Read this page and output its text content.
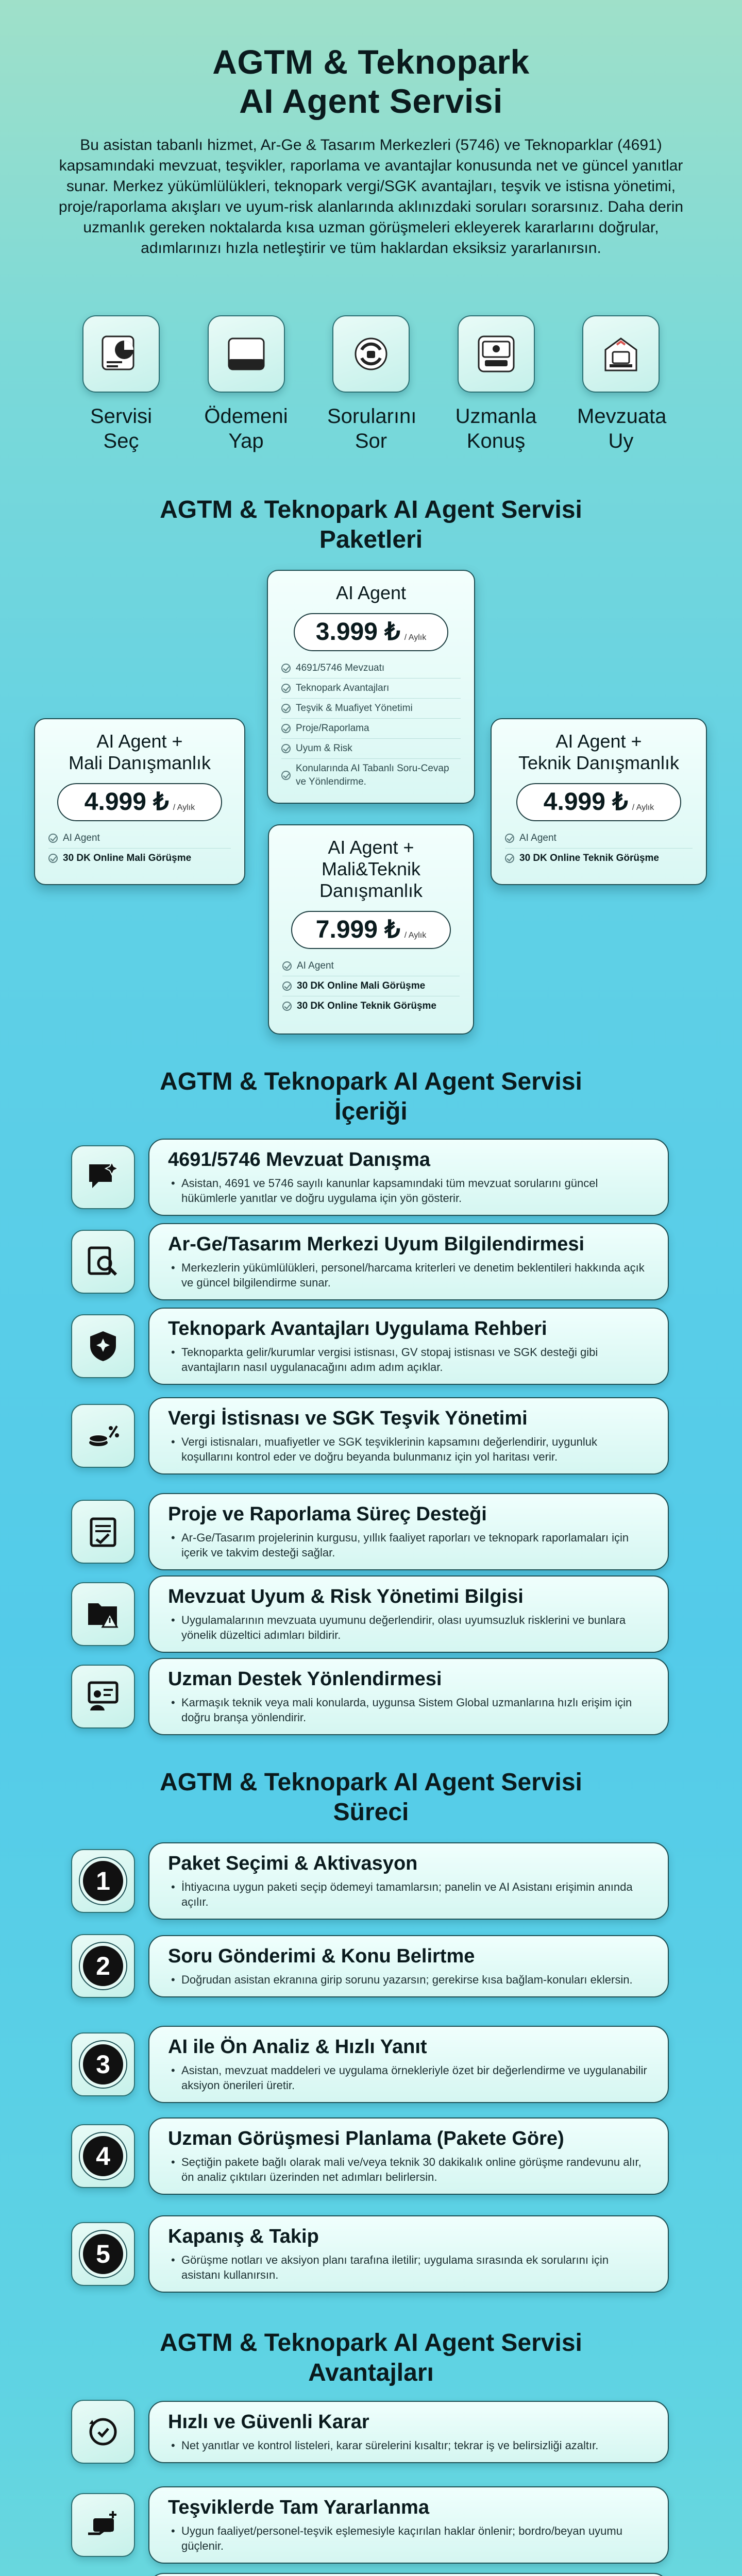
AGTM & Teknopark
AI Agent Servisi
Bu asistan tabanlı hizmet, Ar-Ge & Tasarım Merkezleri (5746) ve Teknoparklar (4691) kapsamındaki mevzuat, teşvikler, raporlama ve avantajlar konusunda net ve güncel yanıtlar sunar. Merkez yükümlülükleri, teknopark vergi/SGK avantajları, teşvik ve istisna yönetimi, proje/raporlama akışları ve uyum-risk alanlarında aklınızdaki soruları sorarsınız. Daha derin uzmanlık gereken noktalarda kısa uzman görüşmeleri ekleyerek kararlarını doğrular, adımlarınızı hızla netleştirir ve tüm haklardan eksiksiz yararlanırsın.
Servisi
Seç
Ödemeni
Yap
Sorularını
Sor
Uzmanla
Konuş
Mevzuata
Uy
AGTM & Teknopark AI Agent Servisi
Paketleri
AI Agent
3.999 ₺ / Aylık
4691/5746 Mevzuatı
Teknopark Avantajları
Teşvik & Muafiyet Yönetimi
Proje/Raporlama
Uyum & Risk
Konularında AI Tabanlı Soru-Cevap ve Yönlendirme.
AI Agent +
Mali Danışmanlık
4.999 ₺ / Aylık
AI Agent
30 DK Online Mali Görüşme
AI Agent +
Teknik Danışmanlık
4.999 ₺ / Aylık
AI Agent
30 DK Online Teknik Görüşme
AI Agent +
Mali&Teknik
Danışmanlık
7.999 ₺ / Aylık
AI Agent
30 DK Online Mali Görüşme
30 DK Online Teknik Görüşme
AGTM & Teknopark AI Agent Servisi
İçeriği
4691/5746 Mevzuat Danışma

• Asistan, 4691 ve 5746 sayılı kanunlar kapsamındaki tüm mevzuat sorularını güncel hükümlerle yanıtlar ve doğru uygulama için yön gösterir.

Ar-Ge/Tasarım Merkezi Uyum Bilgilendirmesi

• Merkezlerin yükümlülükleri, personel/harcama kriterleri ve denetim beklentileri hakkında açık ve güncel bilgilendirme sunar.

Teknopark Avantajları Uygulama Rehberi

• Teknoparkta gelir/kurumlar vergisi istisnası, GV stopaj istisnası ve SGK desteği gibi avantajların nasıl uygulanacağını adım adım açıklar.

Vergi İstisnası ve SGK Teşvik Yönetimi

• Vergi istisnaları, muafiyetler ve SGK teşviklerinin kapsamını değerlendirir, uygunluk koşullarını kontrol eder ve doğru beyanda bulunmanız için yol haritası verir.

Proje ve Raporlama Süreç Desteği

• Ar-Ge/Tasarım projelerinin kurgusu, yıllık faaliyet raporları ve teknopark raporlamaları için içerik ve takvim desteği sağlar.

Mevzuat Uyum & Risk Yönetimi Bilgisi

• Uygulamalarının mevzuata uyumunu değerlendirir, olası uyumsuzluk risklerini ve bunlara yönelik düzeltici adımları bildirir.

Uzman Destek Yönlendirmesi

• Karmaşık teknik veya mali konularda, uygunsa Sistem Global uzmanlarına hızlı erişim için doğru branşa yönlendirir.

AGTM & Teknopark AI Agent Servisi
Süreci
1
Paket Seçimi & Aktivasyon

• İhtiyacına uygun paketi seçip ödemeyi tamamlarsın; panelin ve AI Asistanı erişimin anında açılır.

2	Soru Gönderimi & Konu Belirtme

• Doğrudan asistan ekranına girip sorunu yazarsın; gerekirse kısa bağlam-konuları eklersin.

3
AI ile Ön Analiz & Hızlı Yanıt

• Asistan, mevzuat maddeleri ve uygulama örnekleriyle özet bir değerlendirme ve uygulanabilir aksiyon önerileri üretir.

4
Uzman Görüşmesi Planlama (Pakete Göre)

• Seçtiğin pakete bağlı olarak mali ve/veya teknik 30 dakikalık online görüşme randevunu alır, ön analiz çıktıları üzerinden net adımları belirlersin.

5
Kapanış & Takip

• Görüşme notları ve aksiyon planı tarafına iletilir; uygulama sırasında ek sorularını için asistanı kullanırsın.

AGTM & Teknopark AI Agent Servisi
Avantajları
Hızlı ve Güvenli Karar

• Net yanıtlar ve kontrol listeleri, karar sürelerini kısaltır; tekrar iş ve belirsizliği azaltır.

Teşviklerde Tam Yararlanma

• Uygun faaliyet/personel-teşvik eşlemesiyle kaçırılan haklar önlenir; bordro/beyan uyumu güçlenir.
